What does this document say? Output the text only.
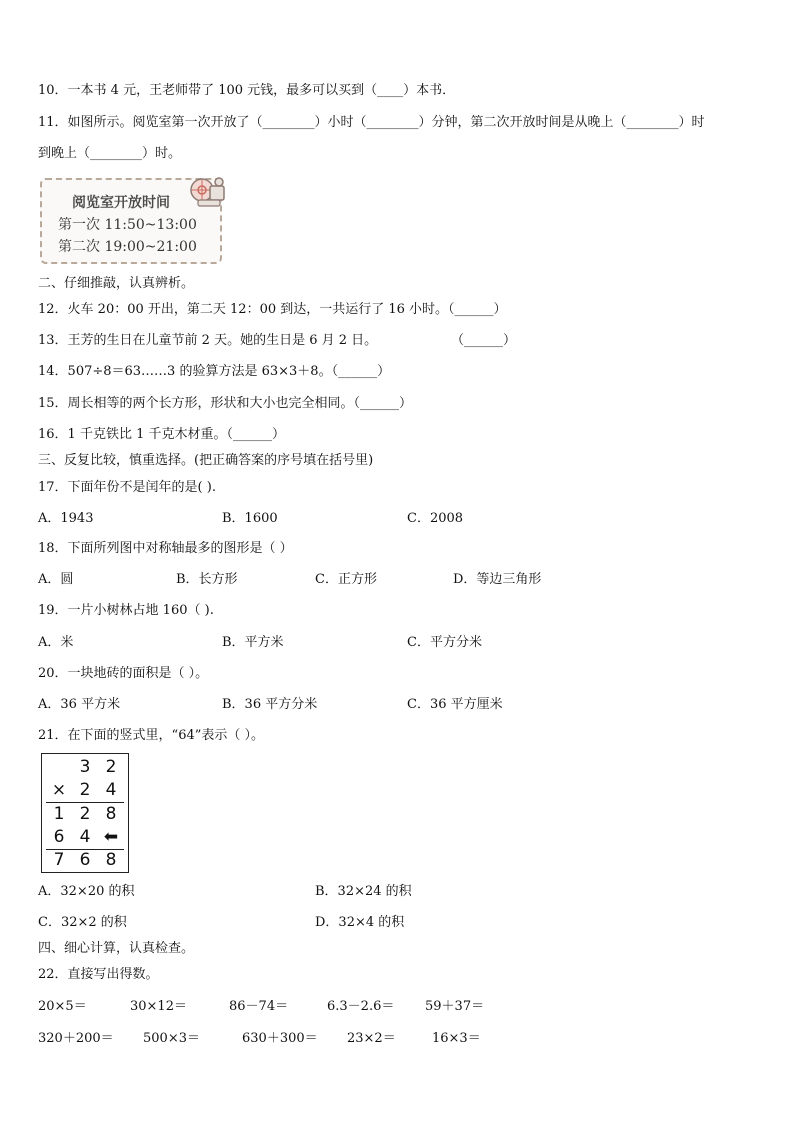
10．一本书 4 元，王老师带了 100 元钱，最多可以买到（____）本书．
11．如图所示。阅览室第一次开放了（________）小时（________）分钟，第二次开放时间是从晚上（________）时
到晚上（________）时。
阅览室开放时间
第一次 11:50~13:00
第二次 19:00~21:00
二、仔细推敲，认真辨析。
12．火车 20：00 开出，第二天 12：00 到达，一共运行了 16 小时。（______）
13．王芳的生日在儿童节前 2 天。她的生日是 6 月 2 日。	（______）
14．507÷8＝63……3 的验算方法是 63×3＋8。（______）
15．周长相等的两个长方形，形状和大小也完全相同。（______）
16．1 千克铁比 1 千克木材重。（______）
三、反复比较，慎重选择。(把正确答案的序号填在括号里)
17．下面年份不是闰年的是( ).
A．1943	B．1600	C．2008
18．下面所列图中对称轴最多的图形是（ ）
A．圆	B．长方形	C．正方形	D．等边三角形
19．一片小树林占地 160（ ).
A．米	B．平方米	C．平方分米
20．一块地砖的面积是（ ）。
A．36 平方米	B．36 平方分米	C．36 平方厘米
21．在下面的竖式里，“64”表示（ ）。
3 2
× 2 4
1 2 8
6 4 ⬅
7 6 8
A．32×20 的积	B．32×24 的积
C．32×2 的积	D．32×4 的积
四、细心计算，认真检查。
22．直接写出得数。
20×5＝	30×12＝	86－74＝	6.3－2.6＝ 59＋37＝
320＋200＝ 500×3＝	630＋300＝ 23×2＝	16×3＝
